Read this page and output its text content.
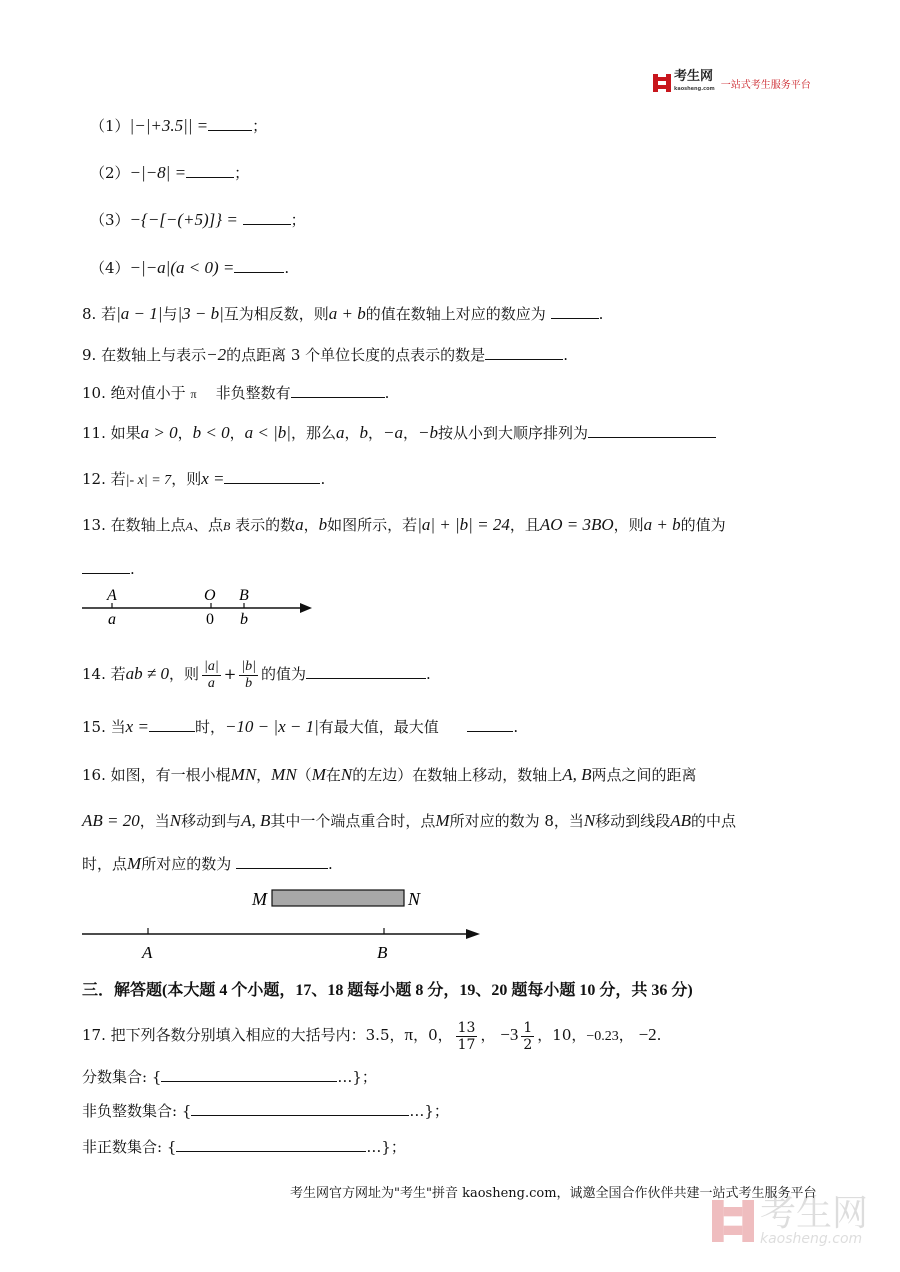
考生网
kaosheng.com 一站式考生服务平台
（1）|−|+3.5|| =	；
（2）−|−8| =	；
（3）−{−[−(+5)]} =	；
（4）−|−a|(a < 0) =	.
8. 若|a − 1|与|3 − b|互为相反数，则a + b的值在数轴上对应的数应为	.
9. 在数轴上与表示−2的点距离 3 个单位长度的点表示的数是	.
10. 绝对值小于 π 非负整数有	.
11. 如果a > 0，b < 0，a < |b|，那么a，b，−a，−b按从小到大顺序排列为
12. 若|- x| = 7，则x =	.
13. 在数轴上点A、点B 表示的数a，b如图所示，若|a| + |b| = 24，且AO = 3BO，则a + b的值为
.
A	O B
a	0 b
14. 若ab ≠ 0，则 $\frac{|a|}{a} + \frac{|b|}{b}$ 的值为	.
15. 当x =	时，−10 − |x − 1|有最大值，最大值	.
16. 如图，有一根小棍MN，MN（M在N的左边）在数轴上移动，数轴上A, B两点之间的距离
AB = 20，当N移动到与A, B其中一个端点重合时，点M所对应的数为 8，当N移动到线段AB的中点
时，点M所对应的数为	.
M	N
A	B
三．解答题(本大题 4 个小题，17、18 题每小题 8 分，19、20 题每小题 10 分，共 36 分)
17. 把下列各数分别填入相应的大括号内：3.5，π，0， $\frac{13}{17}$ ， $-3 \frac{1}{2}$ ，10，−0.23， −2.
分数集合: {	…}；
非负整数集合: {	…}；
非正数集合: {	…}；
考生网官方网址为"考生"拼音 kaosheng.com，诚邀全国合作伙伴共建一站式考生服务平台
考生网
kaosheng.com
